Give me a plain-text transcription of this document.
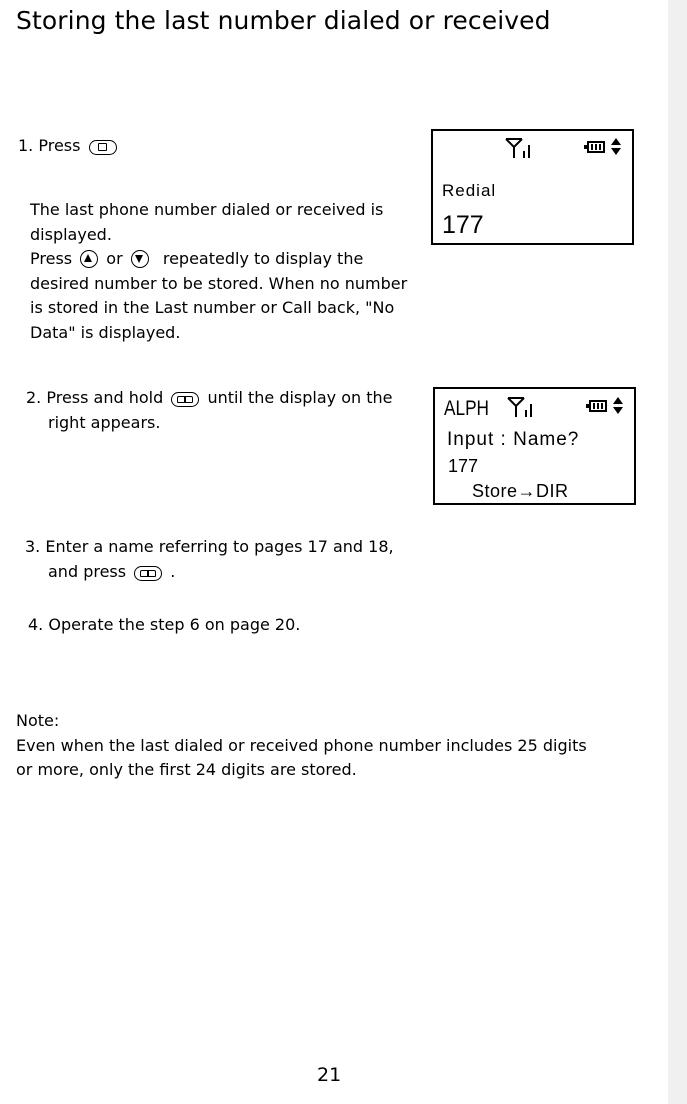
Storing the last number dialed or received
1. Press
The last phone number dialed or received is
displayed.
Press or	repeatedly to display the
desired number to be stored. When no number
is stored in the Last number or Call back, "No
Data" is displayed.
Redial
177
2. Press and hold	until the display on the
right appears.
ALPH
Input : Name?
177
Store→DIR
3. Enter a name referring to pages 17 and 18,
and press	.
4. Operate the step 6 on page 20.
Note:
Even when the last dialed or received phone number includes 25 digits
or more, only the first 24 digits are stored.
21
